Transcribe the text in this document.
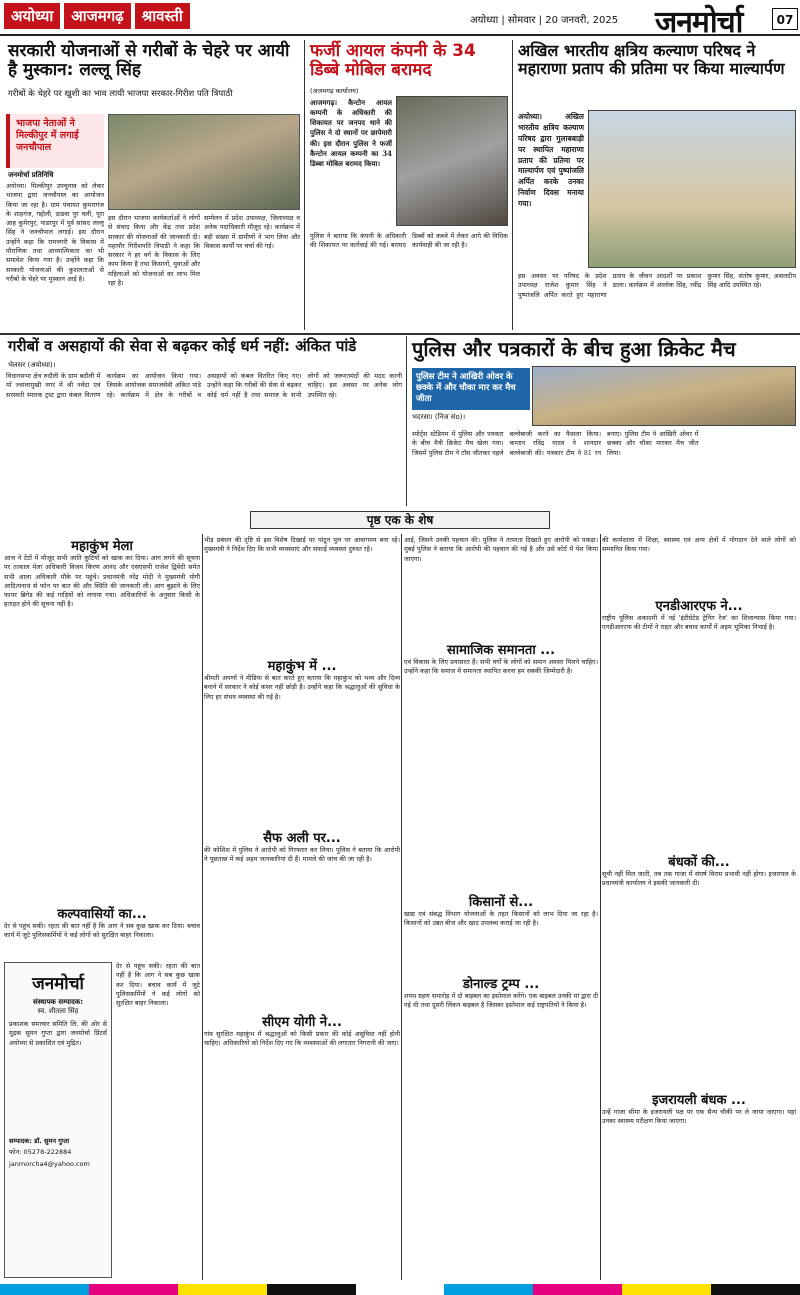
अयोध्या	आजमगढ़	श्रावस्ती	अयोध्या | सोमवार | 20 जनवरी, 2025 जनमोर्चा	07
सरकारी योजनाओं से गरीबों के चेहरे पर आयी है मुस्कान: लल्लू सिंह
गरीबों के चेहरे पर खुशी का भाव लायी भाजपा सरकार-गिरीश पति त्रिपाठी
भाजपा नेताओं ने मिल्कीपुर में लगाई जनचौपाल
जनमोर्चा प्रतिनिधि
अयोध्या। मिल्कीपुर उपचुनाव को लेकर भाजपा द्वारा जनचौपाल का आयोजन किया जा रहा है। ग्राम पंचायत कुमारगंज के शाहगंज, गद्दोली, डाडवा पुर वली, पूरा आह कुमेरपुर, पाडरपुर में पूर्व सांसद लल्लू सिंह ने जनचौपाल लगाई। इस दौरान उन्होंने कहा कि रामनगरी के विकास में पौराणिक तथा आध्यात्मिकता का भी समावेश किया गया है। उन्होंने कहा कि सरकारी योजनाओं की कुशलताओं से गरीबों के चेहरे पर मुस्कान आई है।
इस दौरान भाजपा कार्यकर्ताओं ने लोगों से संवाद किया और केंद्र तथा प्रदेश सरकार की योजनाओं की जानकारी दी। महापौर गिरीशपति त्रिपाठी ने कहा कि सरकार ने हर वर्ग के विकास के लिए काम किया है तथा किसानों, युवाओं और महिलाओं को योजनाओं का लाभ मिल रहा है।
सम्मेलन में प्रदेश उपाध्यक्ष, जिलाध्यक्ष व अनेक पदाधिकारी मौजूद रहे। कार्यक्रम में बड़ी संख्या में ग्रामीणों ने भाग लिया और विकास कार्यों पर चर्चा की गई।
फर्जी आयल कंपनी के 34 डिब्बे मोबिल बरामद
(अजमगढ़ कार्यालय)
आजमगढ़। कैन्टोन आयल कम्पनी के अधिकारी की शिकायत पर जनपद थाने की पुलिस ने दो स्थानों पर छापेमारी की। इस दौरान पुलिस ने फर्जी कैन्टोन आयल कम्पनी का 34 डिब्बा मोबिल बरामद किया।
पुलिस ने बताया कि कंपनी के अधिकारी की शिकायत पर कार्रवाई की गई। बरामद डिब्बों को कब्जे में लेकर आगे की विधिक कार्यवाही की जा रही है।
अखिल भारतीय क्षत्रिय कल्याण परिषद ने महाराणा प्रताप की प्रतिमा पर किया माल्यार्पण
अयोध्या। अखिल भारतीय क्षत्रिय कल्याण परिषद द्वारा गुलाबबाड़ी पर स्थापित महाराणा प्रताप की प्रतिमा पर माल्यार्पण एवं पुष्पांजलि अर्पित करके उनका निर्वाण दिवस मनाया गया।
इस अवसर पर परिषद के प्रदेश उपाध्यक्ष राजेश कुमार सिंह ने पुष्पांजलि अर्पित करते हुए महाराणा प्रताप के जीवन आदर्शों पर प्रकाश डाला। कार्यक्रम में आलोक सिंह, रवींद्र कुमार सिंह, संतोष कुमार, असलदीप सिंह आदि उपस्थित रहे।
गरीबों व असहायों की सेवा से बढ़कर कोई धर्म नहीं: अंकित पांडे
भेलसर (अयोध्या)।
विधानसभा क्षेत्र रुदौली के ग्राम बदौली में माँ ज्वालामुखी नगर में श्री नर्वदा एवं सरस्वती स्मारक ट्रस्ट द्वारा कंबल वितरण कार्यक्रम का आयोजन किया गया। जिसके आयोजक समाजसेवी अंकित पांडे रहे। कार्यक्रम में क्षेत्र के गरीबों व असहायों को कंबल वितरित किए गए। उन्होंने कहा कि गरीबों की सेवा से बढ़कर कोई धर्म नहीं है तथा समाज के सभी लोगों को जरूरतमंदों की मदद करनी चाहिए। इस अवसर पर अनेक लोग उपस्थित रहे।
पुलिस और पत्रकारों के बीच हुआ क्रिकेट मैच
पुलिस टीम ने आखिरी ओवर के छक्के में और चौका मार कर मैच जीता
भदरसा। (निज संo)।
स्पोर्ट्स स्टेडियम में पुलिस और पत्रकार के बीच मैत्री क्रिकेट मैच खेला गया। जिसमें पुलिस टीम ने टॉस जीतकर पहले बल्लेबाजी करने का फैसला किया। कप्तान रविंद्र यादव ने शानदार बल्लेबाजी की। पत्रकार टीम ने 81 रन बनाए। पुलिस टीम ने आखिरी ओवर में छक्का और चौका मारकर मैच जीत लिया।
पृष्ठ एक के शेष
महाकुंभ मेला
आज ने टेंटों में मौजूद सभी जाति कुटियों को खाक कर दिया। आग लगने की सूचना पर तत्काल मेला अधिकारी विजय किरण आनंद और एसएसपी राजेश द्विवेदी समेत सभी आला अधिकारी मौके पर पहुंचे। प्रधानमंत्री नरेंद्र मोदी ने मुख्यमंत्री योगी आदित्यनाथ से फोन पर बात की और स्थिति की जानकारी ली। आग बुझाने के लिए फायर ब्रिगेड की कई गाड़ियों को लगाया गया। अधिकारियों के अनुसार किसी के हताहत होने की सूचना नहीं है।
कल्पवासियों का...
देर से पहुंच सकी। रहता की बात नहीं है कि आग ने सब कुछ खाक कर दिया। बचाव कार्य में जुटे पुलिसकर्मियों ने कई लोगों को सुरक्षित बाहर निकाला।
जनमोर्चा
संस्थापक सम्पादक:
स्व. शीतला सिंह
प्रकाशक समाचार समिति लि. की ओर से मुद्रक सुमन गुप्ता द्वारा जनमोर्चा प्रिंटर्स अयोध्या से प्रकाशित एवं मुद्रित।
सम्पादक: डॉ. सुमन गुप्ता
फोन: 05278-222884
janmorcha4@yahoo.com
देर से पहुंच सकी। रहता की बात नहीं है कि आग ने सब कुछ खाक कर दिया। बचाव कार्य में जुटे पुलिसकर्मियों ने कई लोगों को सुरक्षित बाहर निकाला।
भीड़ प्रबंधन की दृष्टि से इस विशेष दिखाई पर पांटून पुल पर आवागमन बना रहे। मुख्यमंत्री ने निर्देश दिए कि सभी व्यवस्थाएं और सफाई व्यवस्था दुरुस्त रहे।
महाकुंभ में ...
श्रीमती अपर्णा ने मीडिया से बात करते हुए बताया कि महाकुंभ को भव्य और दिव्य बनाने में सरकार ने कोई कसर नहीं छोड़ी है। उन्होंने कहा कि श्रद्धालुओं की सुविधा के लिए हर संभव व्यवस्था की गई है।
सैफ अली पर...
की कोशिश में पुलिस ने आरोपी को गिरफ्तार कर लिया। पुलिस ने बताया कि आरोपी ने पूछताछ में कई अहम जानकारियां दी हैं। मामले की जांच की जा रही है।
सीएम योगी ने...
गांव सुरक्षित महाकुंभ में श्रद्धालुओं को किसी प्रकार की कोई असुविधा नहीं होनी चाहिए। अधिकारियों को निर्देश दिए गए कि व्यवस्थाओं की लगातार निगरानी की जाए।
आई, जिसने उनकी पहचान की। पुलिस ने तत्परता दिखाते हुए आरोपी को पकड़ा। मुंबई पुलिस ने बताया कि आरोपी की पहचान की गई है और उसे कोर्ट में पेश किया जाएगा।
सामाजिक समानता ...
एवं विकास के लिए प्रयासरत हैं। सभी वर्गों के लोगों को समान अवसर मिलने चाहिए। उन्होंने कहा कि समाज में समानता स्थापित करना हम सबकी जिम्मेदारी है।
किसानों से...
खाद्य एवं संबद्ध विभाग योजनाओं के तहत किसानों को लाभ दिया जा रहा है। किसानों को उन्नत बीज और खाद उपलब्ध कराई जा रही है।
डोनाल्ड ट्रम्प ...
शपथ ग्रहण समारोह में दो बाइबल का इस्तेमाल करेंगे। एक बाइबल उनकी मां द्वारा दी गई थी तथा दूसरी लिंकन बाइबल है जिसका इस्तेमाल कई राष्ट्रपतियों ने किया है।
की कार्यशाला में शिक्षा, स्वास्थ्य एवं अन्य क्षेत्रों में योगदान देने वाले लोगों को सम्मानित किया गया।
एनडीआरएफ ने...
राष्ट्रीय पुलिस अकादमी में नई 'इंटीग्रेटेड ट्रेनिंग रेंज' का शिलान्यास किया गया। एनडीआरएफ की टीमों ने राहत और बचाव कार्यों में अहम भूमिका निभाई है।
बंधकों की...
सूची नहीं मिल जाती, तब तक गाजा में संघर्ष विराम प्रभावी नहीं होगा। इजरायल के प्रधानमंत्री कार्यालय ने इसकी जानकारी दी।
इजरायली बंधक ...
उन्हें गाजा सीमा के इजरायली पक्ष पर एक सैन्य चौकी पर ले जाया जाएगा। यहां उनका स्वास्थ्य परीक्षण किया जाएगा।
